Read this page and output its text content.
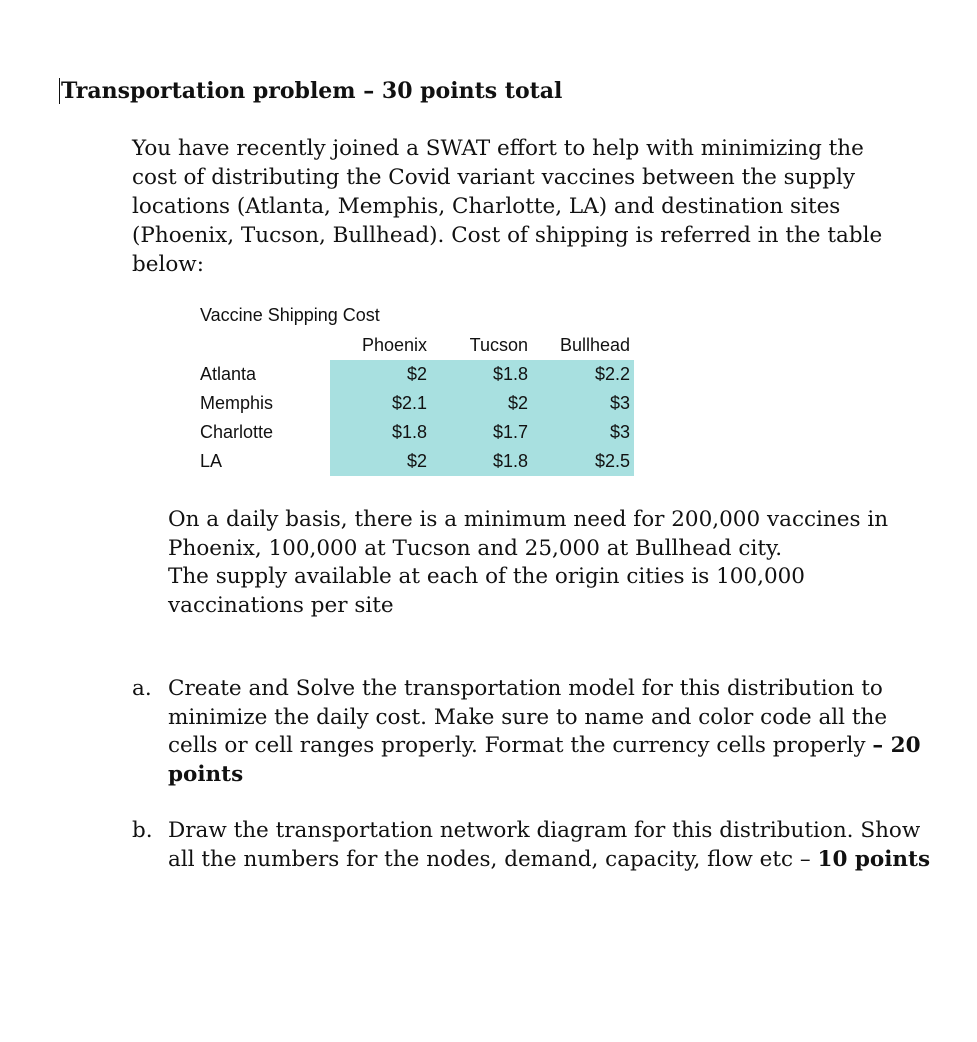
Transportation problem – 30 points total
You have recently joined a SWAT effort to help with minimizing the cost of distributing the Covid variant vaccines between the supply locations (Atlanta, Memphis, Charlotte, LA) and destination sites (Phoenix, Tucson, Bullhead). Cost of shipping is referred in the table below:
Vaccine Shipping Cost
	Phoenix	Tucson	Bullhead
Atlanta	$2	$1.8	$2.2
Memphis	$2.1	$2	$3
Charlotte	$1.8	$1.7	$3
LA	$2	$1.8	$2.5

On a daily basis, there is a minimum need for 200,000 vaccines in Phoenix, 100,000 at Tucson and 25,000 at Bullhead city.

The supply available at each of the origin cities is 100,000 vaccinations per site

a. Create and Solve the transportation model for this distribution to minimize the daily cost. Make sure to name and color code all the cells or cell ranges properly. Format the currency cells properly – 20 points
b. Draw the transportation network diagram for this distribution. Show all the numbers for the nodes, demand, capacity, flow etc – 10 points
